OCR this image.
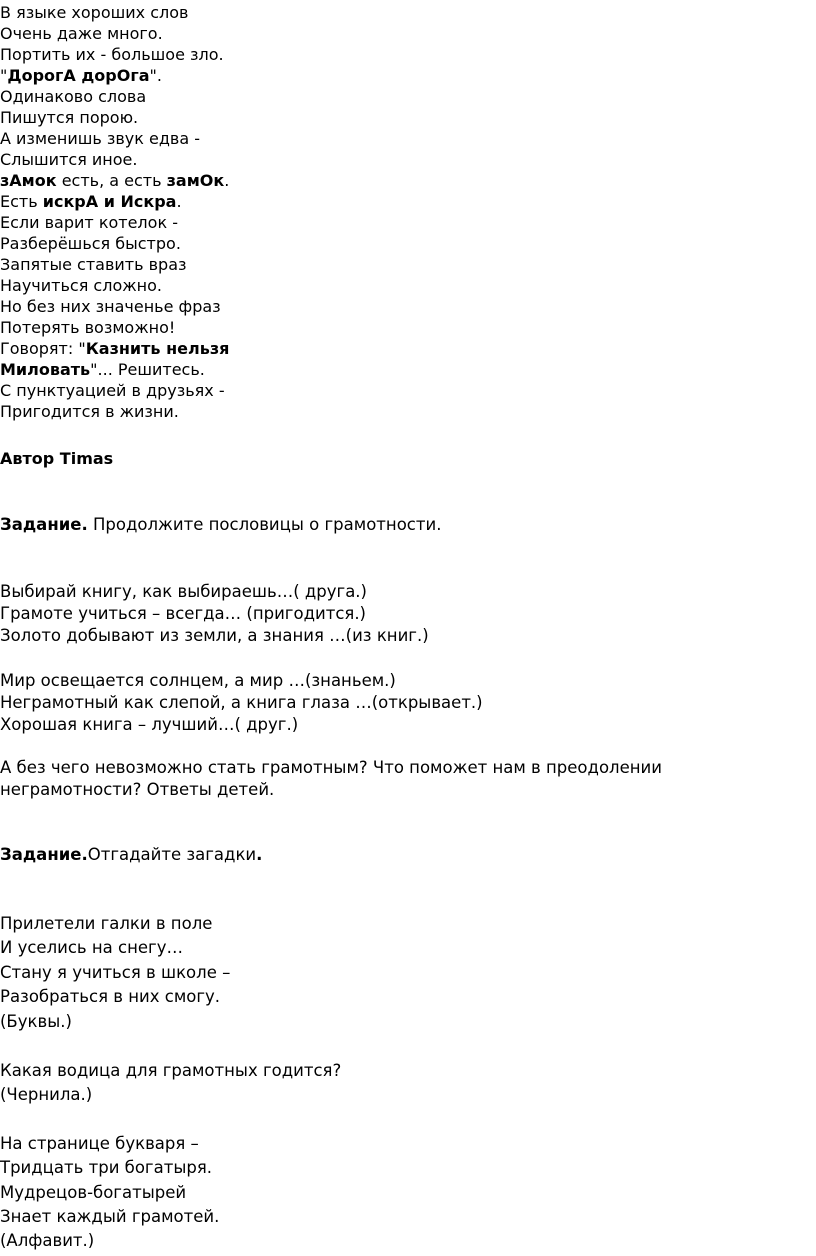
В языке хороших слов
Очень даже много.
Портить их - большое зло.
"ДорогА дорОга".
Одинаково слова
Пишутся порою.
А изменишь звук едва -
Слышится иное.
зАмок есть, а есть замОк.
Есть искрА и Искра.
Если варит котелок -
Разберёшься быстро.
Запятые ставить враз
Научиться сложно.
Но без них значенье фраз
Потерять возможно!
Говорят: "Казнить нельзя
Миловать"... Решитесь.
С пунктуацией в друзьях -
Пригодится в жизни.
Автор Timas
Задание. Продолжите пословицы о грамотности.
Выбирай книгу, как выбираешь…( друга.)
Грамоте учиться – всегда… (пригодится.)
Золото добывают из земли, а знания …(из книг.)
Мир освещается солнцем, а мир …(знаньем.)
Неграмотный как слепой, а книга глаза …(открывает.)
Хорошая книга – лучший…( друг.)
А без чего невозможно стать грамотным? Что поможет нам в преодолении
неграмотности? Ответы детей.
Задание.Отгадайте загадки.
Прилетели галки в поле
И уселись на снегу…
Стану я учиться в школе –
Разобраться в них смогу.
(Буквы.)
Какая водица для грамотных годится?
(Чернила.)
На странице букваря –
Тридцать три богатыря.
Мудрецов-богатырей
Знает каждый грамотей.
(Алфавит.)
